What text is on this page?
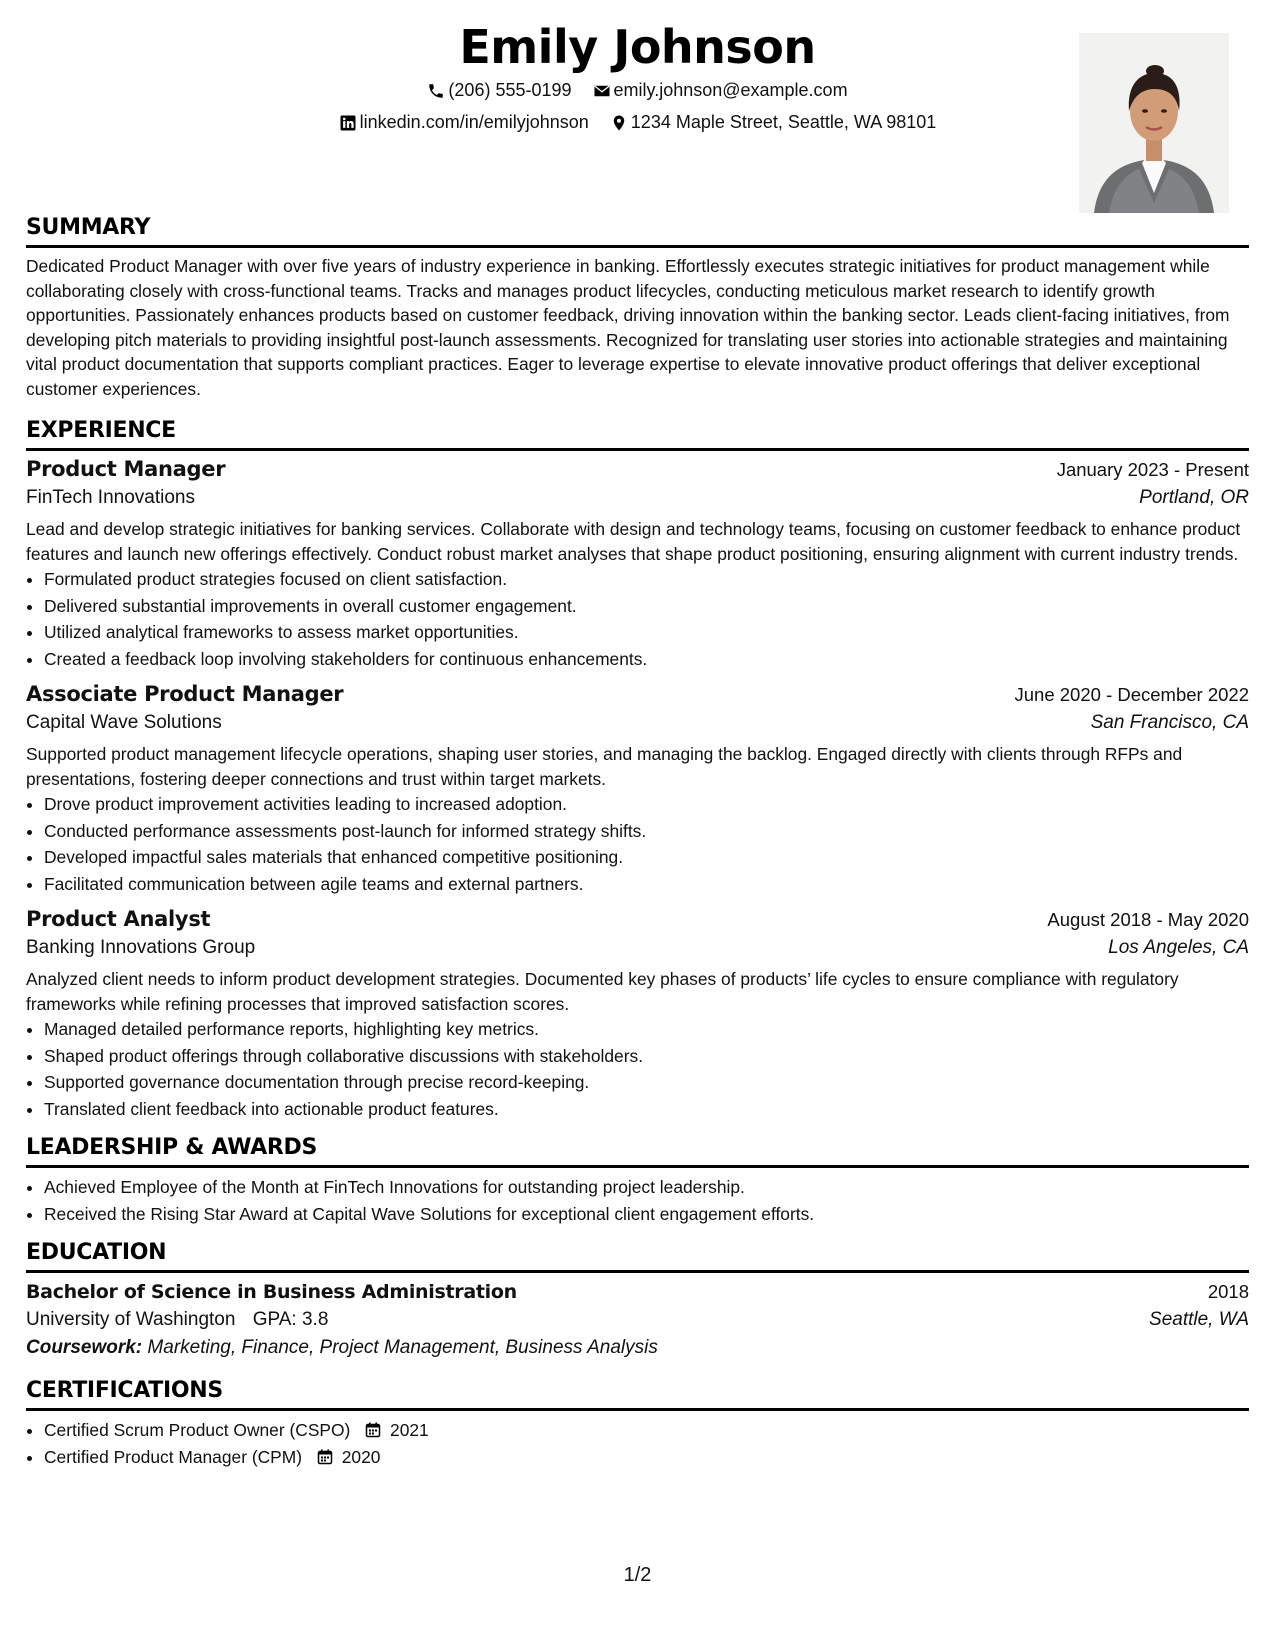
Emily Johnson
(206) 555-0199
emily.johnson@example.com
linkedin.com/in/emilyjohnson
1234 Maple Street, Seattle, WA 98101
SUMMARY

Dedicated Product Manager with over five years of industry experience in banking. Effortlessly executes strategic initiatives for product management while collaborating closely with cross-functional teams. Tracks and manages product lifecycles, conducting meticulous market research to identify growth opportunities. Passionately enhances products based on customer feedback, driving innovation within the banking sector. Leads client-facing initiatives, from developing pitch materials to providing insightful post-launch assessments. Recognized for translating user stories into actionable strategies and maintaining vital product documentation that supports compliant practices. Eager to leverage expertise to elevate innovative product offerings that deliver exceptional customer experiences.

EXPERIENCE
Product Manager	January 2023 - Present
FinTech Innovations	Portland, OR

Lead and develop strategic initiatives for banking services. Collaborate with design and technology teams, focusing on customer feedback to enhance product features and launch new offerings effectively. Conduct robust market analyses that shape product positioning, ensuring alignment with current industry trends.

• Formulated product strategies focused on client satisfaction.
• Delivered substantial improvements in overall customer engagement.
• Utilized analytical frameworks to assess market opportunities.
• Created a feedback loop involving stakeholders for continuous enhancements.
Associate Product Manager	June 2020 - December 2022
Capital Wave Solutions	San Francisco, CA

Supported product management lifecycle operations, shaping user stories, and managing the backlog. Engaged directly with clients through RFPs and presentations, fostering deeper connections and trust within target markets.

• Drove product improvement activities leading to increased adoption.
• Conducted performance assessments post-launch for informed strategy shifts.
• Developed impactful sales materials that enhanced competitive positioning.
• Facilitated communication between agile teams and external partners.
Product Analyst	August 2018 - May 2020
Banking Innovations Group	Los Angeles, CA

Analyzed client needs to inform product development strategies. Documented key phases of products’ life cycles to ensure compliance with regulatory frameworks while refining processes that improved satisfaction scores.

• Managed detailed performance reports, highlighting key metrics.
• Shaped product offerings through collaborative discussions with stakeholders.
• Supported governance documentation through precise record-keeping.
• Translated client feedback into actionable product features.
LEADERSHIP & AWARDS
• Achieved Employee of the Month at FinTech Innovations for outstanding project leadership.
• Received the Rising Star Award at Capital Wave Solutions for exceptional client engagement efforts.
EDUCATION
Bachelor of Science in Business Administration	2018
University of Washington GPA: 3.8	Seattle, WA
Coursework: Marketing, Finance, Project Management, Business Analysis
CERTIFICATIONS
• Certified Scrum Product Owner (CSPO) 2021
• Certified Product Manager (CPM) 2020
1/2
